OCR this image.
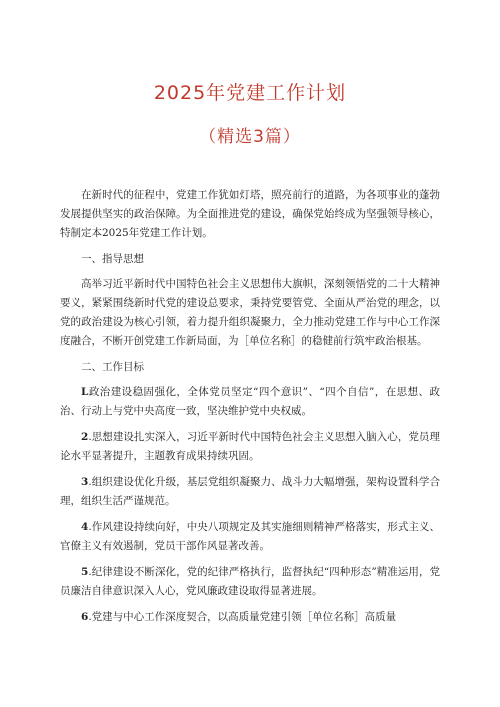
2025年党建工作计划
（精选3篇）

在新时代的征程中，党建工作犹如灯塔，照亮前行的道路，为各项事业的蓬勃发展提供坚实的政治保障。为全面推进党的建设，确保党始终成为坚强领导核心，特制定本2025年党建工作计划。

一、指导思想

高举习近平新时代中国特色社会主义思想伟大旗帜，深刻领悟党的二十大精神要义，紧紧围绕新时代党的建设总要求，秉持党要管党、全面从严治党的理念，以党的政治建设为核心引领，着力提升组织凝聚力，全力推动党建工作与中心工作深度融合，不断开创党建工作新局面，为［单位名称］的稳健前行筑牢政治根基。

二、工作目标

L政治建设稳固强化，全体党员坚定“四个意识”、“四个自信”，在思想、政治、行动上与党中央高度一致，坚决维护党中央权威。

2.思想建设扎实深入，习近平新时代中国特色社会主义思想入脑入心，党员理论水平显著提升，主题教育成果持续巩固。

3.组织建设优化升级，基层党组织凝聚力、战斗力大幅增强，架构设置科学合理，组织生活严谨规范。

4.作风建设持续向好，中央八项规定及其实施细则精神严格落实，形式主义、官僚主义有效遏制，党员干部作风显著改善。

5.纪律建设不断深化，党的纪律严格执行，监督执纪“四种形态”精准运用，党员廉洁自律意识深入人心，党风廉政建设取得显著进展。

6.党建与中心工作深度契合，以高质量党建引领［单位名称］高质量
